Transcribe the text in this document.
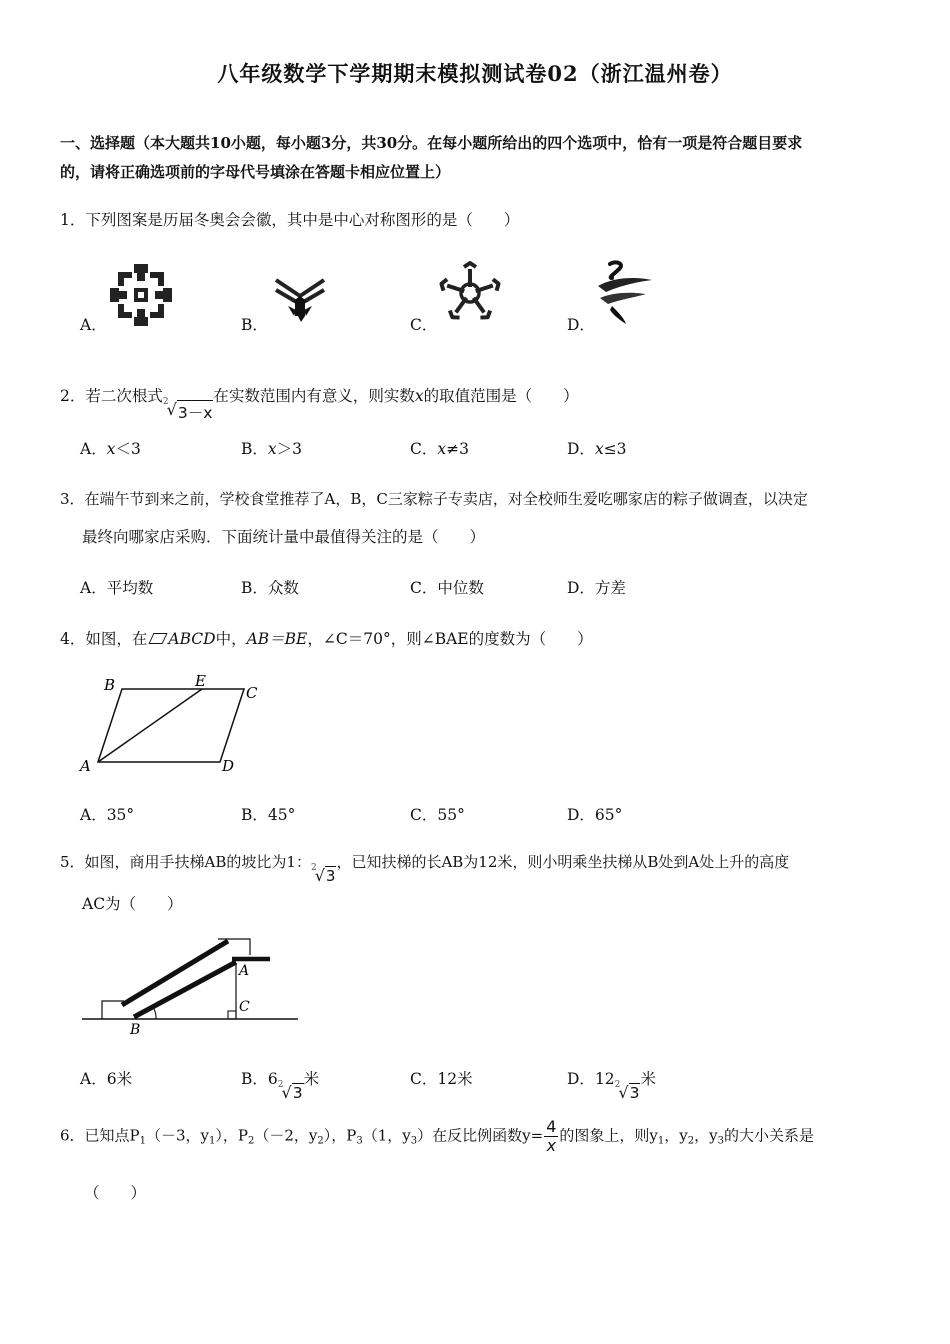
八年级数学下学期期末模拟测试卷02（浙江温州卷）
一、选择题（本大题共10小题，每小题3分，共30分。在每小题所给出的四个选项中，恰有一项是符合题目要求
的，请将正确选项前的字母代号填涂在答题卡相应位置上）
1．下列图案是历届冬奥会会徽，其中是中心对称图形的是（　　）
A．	B．	C．	D．
2．若二次根式 2
√ 3－x
在实数范围内有意义，则实数x的取值范围是（　　）
A．x＜3	B．x＞3	C．x≠3	D．x≤3
3．在端午节到来之前，学校食堂推荐了A，B，C三家粽子专卖店，对全校师生爱吃哪家店的粽子做调查，以决定
最终向哪家店采购．下面统计量中最值得关注的是（　　）
A．平均数	B．众数	C．中位数	D．方差
4．如图，在 ABCD中，AB＝BE，∠C＝70°，则∠BAE的度数为（　　）
B	E
C
A	D
A．35°	B．45°	C．55°	D．65°
5．如图，商用手扶梯AB的坡比为1： 2
√ 3
，已知扶梯的长AB为12米，则小明乘坐扶梯从B处到A处上升的高度
AC为（　　）
A
C
B
A．6米	B．6 2
√ 3
米	C．12米	D．12 2
√ 3
米
6．已知点$P_1(-3$，$y_1$），$P_2(-2$，$y_2$），$P_3(1$，$y_3$）在反比例函数$y= \frac{4}{x}$ 的图象上，则$y_1$，$y_2$，$y_3$的大小关系是
（　　）
